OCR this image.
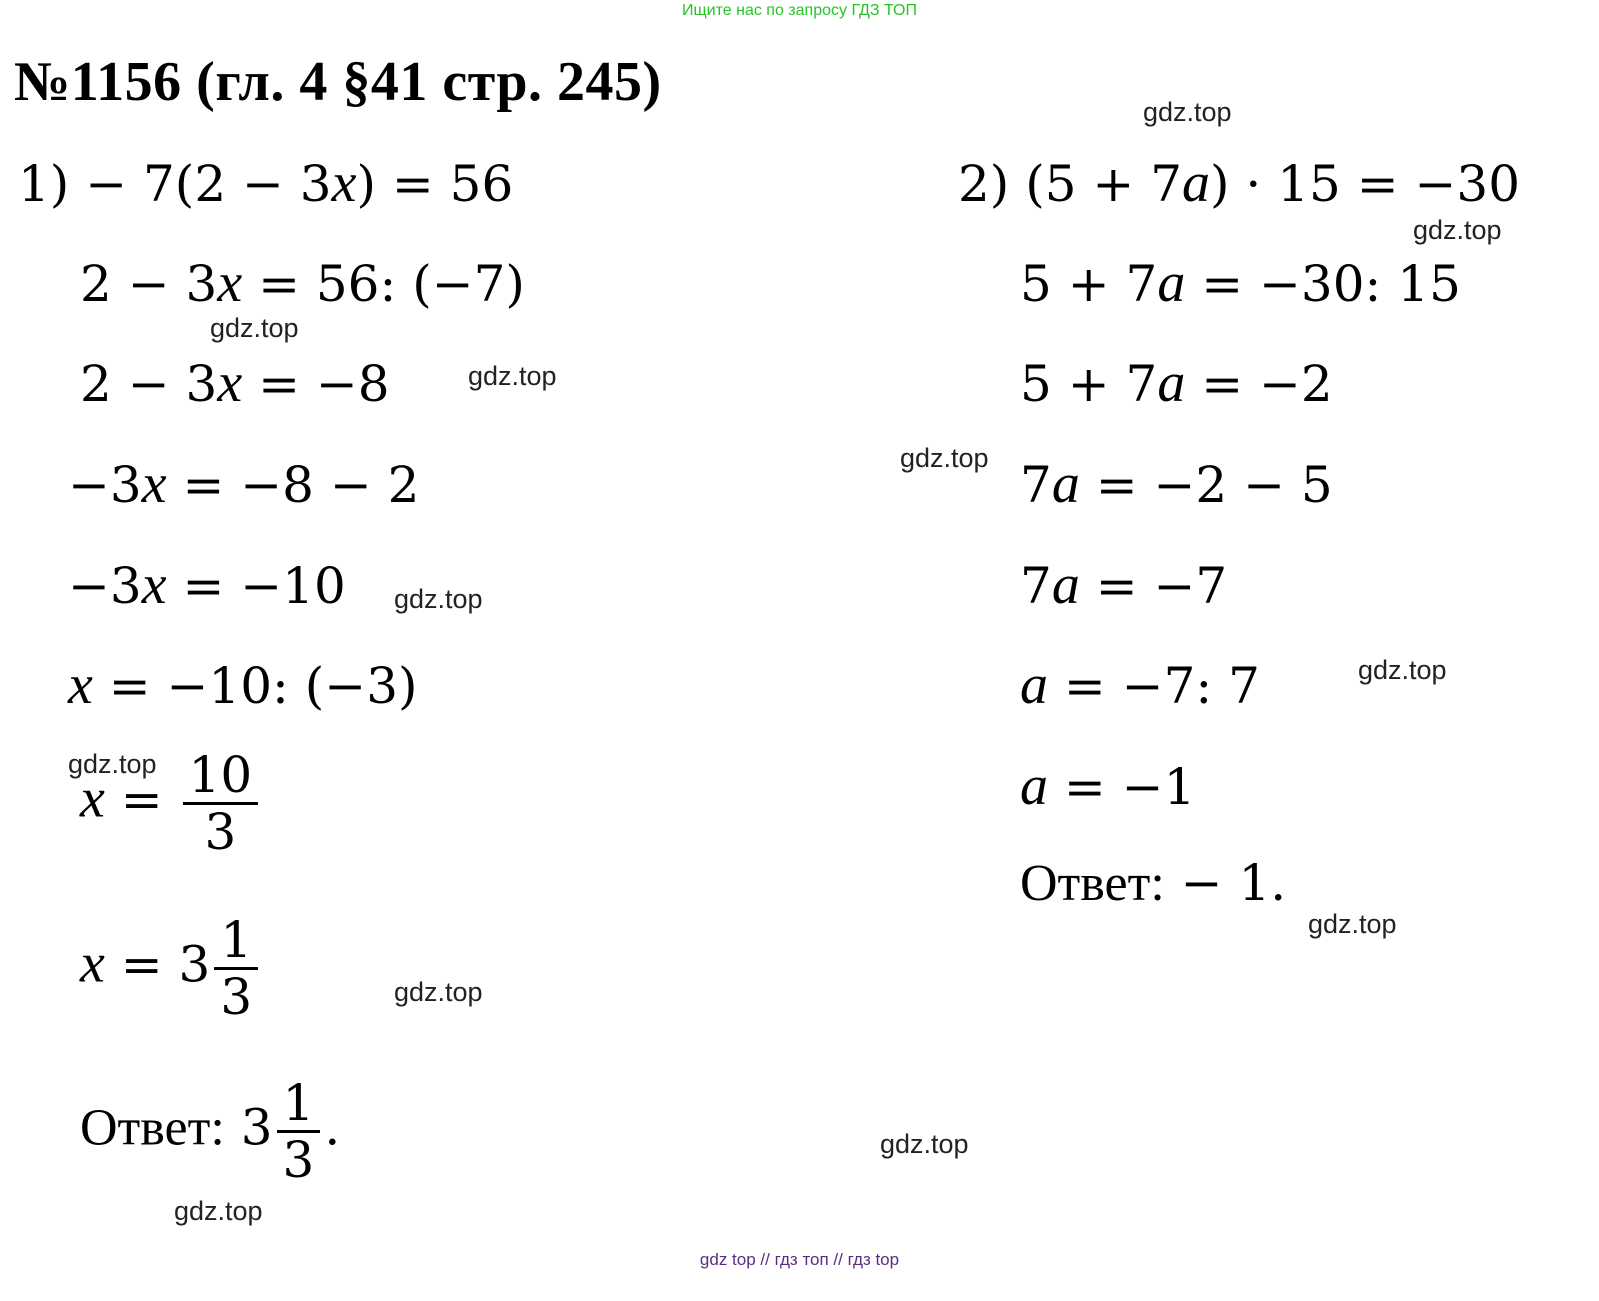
Ищите нас по запросу ГДЗ ТОП
№1156 (гл. 4 §41 стр. 245)
1) − 7(2 − 3x) = 56
2 − 3x = 56: (−7)
2 − 3x = −8
−3x = −8 − 2
−3x = −10
x = −10: (−3)
$x = \frac{10}{3}$
$x = 3 \frac{1}{3}$
Ответ: $3 \frac{1}{3}$ .
2) (5 + 7a) · 15 = −30
5 + 7a = −30: 15
5 + 7a = −2
7a = −2 − 5
7a = −7
a = −7: 7
a = −1
Ответ: − 1.
gdz.top
gdz.top
gdz.top
gdz.top
gdz.top
gdz.top
gdz.top
gdz.top
gdz.top
gdz.top
gdz.top
gdz.top
gdz top // гдз топ // гдз top
